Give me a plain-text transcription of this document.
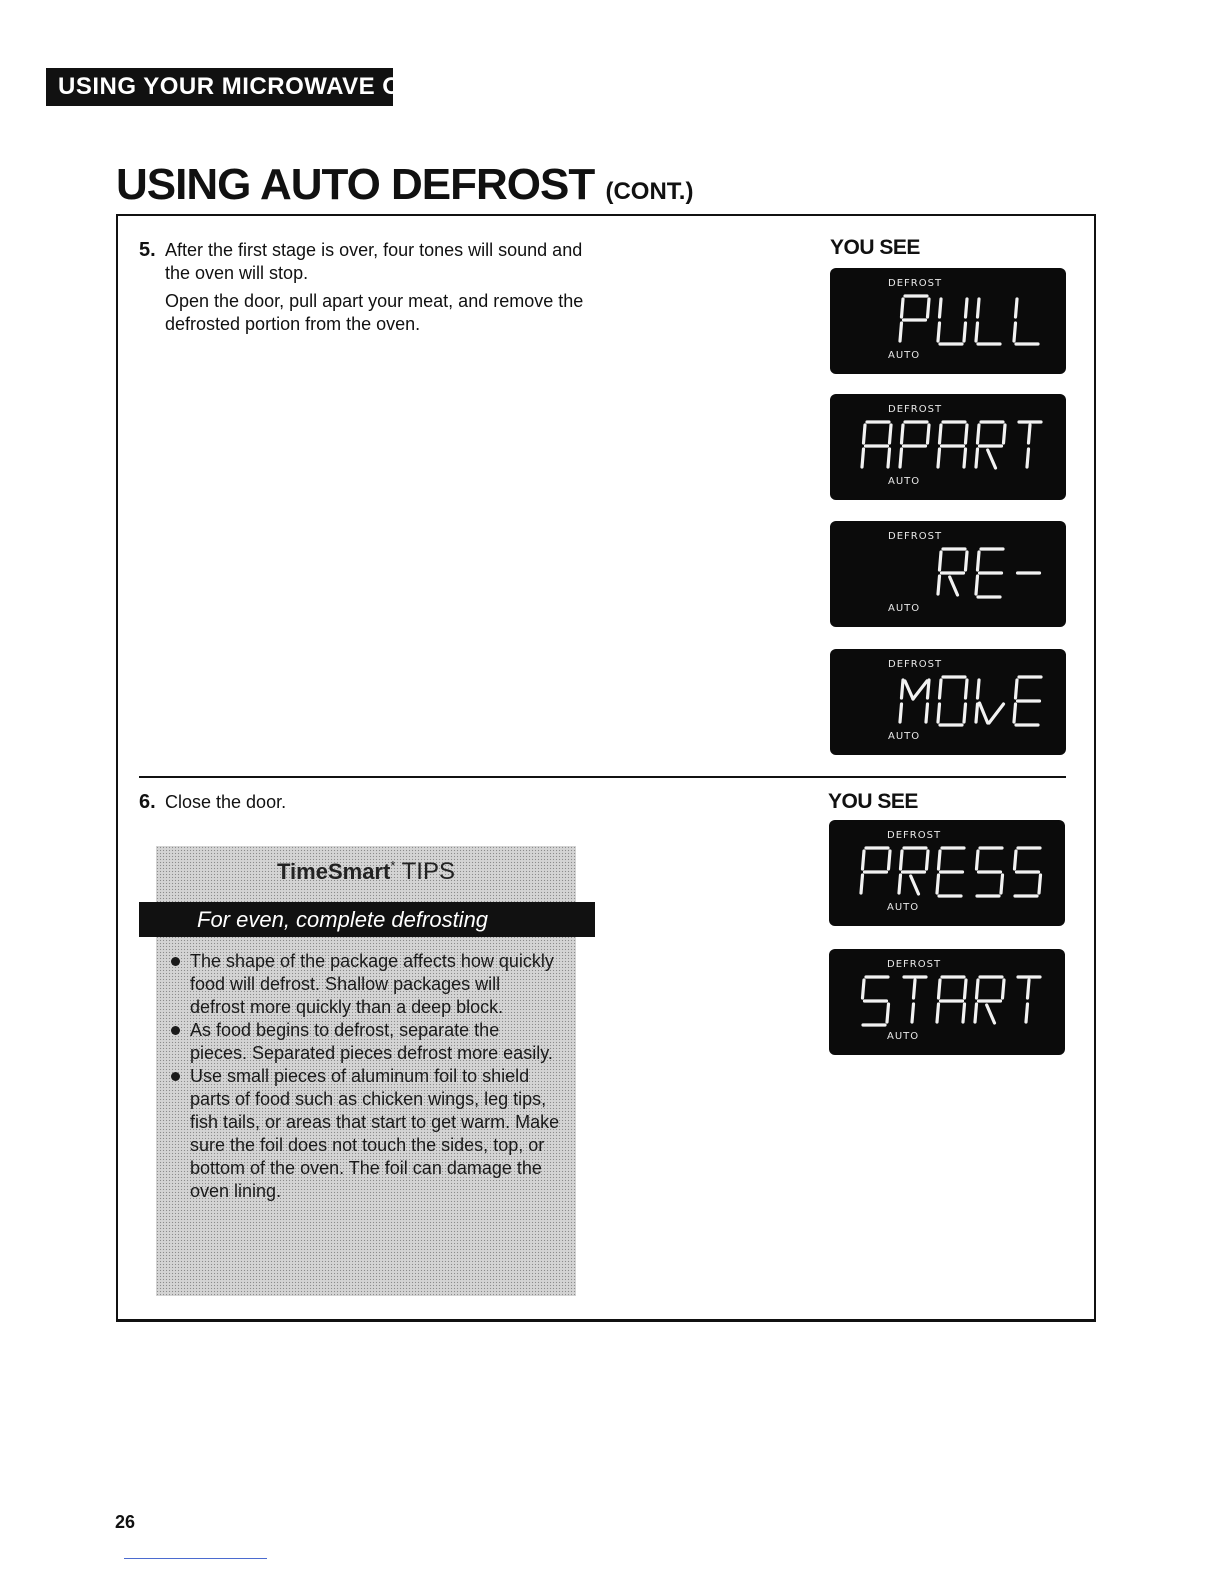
USING YOUR MICROWAVE OVEN
USING AUTO DEFROST (CONT.)
5. After the first stage is over, four tones will sound and the oven will stop.

Open the door, pull apart your meat, and remove the defrosted portion from the oven.

YOU SEE
DEFROST
AUTO
DEFROST
AUTO
DEFROST
AUTO
DEFROST
AUTO
6. Close the door.	YOU SEE
DEFROST
AUTO
DEFROST
AUTO
TimeSmart* TIPS
For even, complete defrosting
The shape of the package affects how quickly food will defrost. Shallow packages will defrost more quickly than a deep block.
As food begins to defrost, separate the pieces. Separated pieces defrost more easily.
Use small pieces of aluminum foil to shield parts of food such as chicken wings, leg tips, fish tails, or areas that start to get warm. Make sure the foil does not touch the sides, top, or bottom of the oven. The foil can damage the oven lining.
26
